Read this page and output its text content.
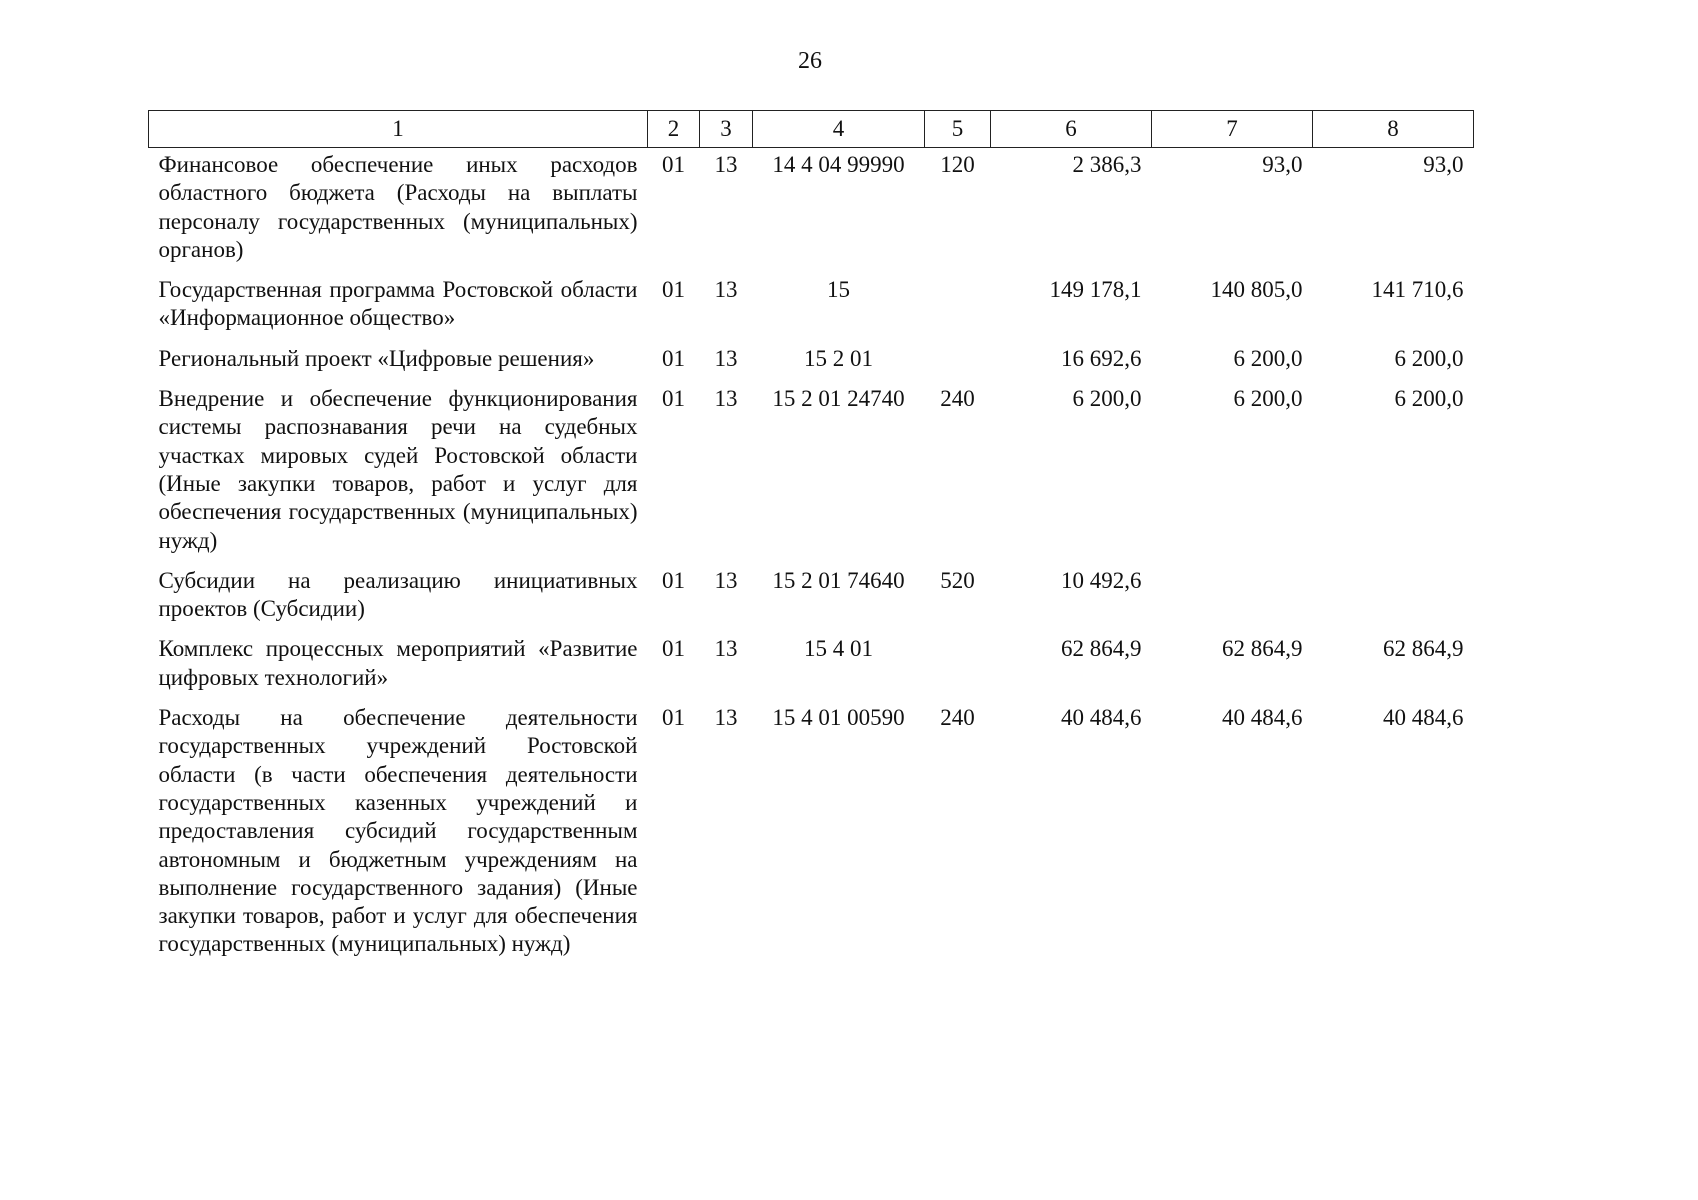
26
1	2	3	4	5	6	7	8
Финансовое обеспечение иных расходов областного бюджета (Расходы на выплаты персоналу государственных (муниципальных) органов)	01	13	14 4 04 99990	120	2 386,3	93,0	93,0
Государственная программа Ростовской области «Информационное общество»	01	13	15		149 178,1	140 805,0	141 710,6
Региональный проект «Цифровые решения»	01	13	15 2 01		16 692,6	6 200,0	6 200,0
Внедрение и обеспечение функционирования системы распознавания речи на судебных участках мировых судей Ростовской области (Иные закупки товаров, работ и услуг для обеспечения государственных (муниципальных) нужд)	01	13	15 2 01 24740	240	6 200,0	6 200,0	6 200,0
Субсидии на реализацию инициативных проектов (Субсидии)	01	13	15 2 01 74640	520	10 492,6		
Комплекс процессных мероприятий «Развитие цифровых технологий»	01	13	15 4 01		62 864,9	62 864,9	62 864,9
Расходы на обеспечение деятельности государственных учреждений Ростовской области (в части обеспечения деятельности государственных казенных учреждений и предоставления субсидий государственным автономным и бюджетным учреждениям на выполнение государственного задания) (Иные закупки товаров, работ и услуг для обеспечения государственных (муниципальных) нужд)	01	13	15 4 01 00590	240	40 484,6	40 484,6	40 484,6
